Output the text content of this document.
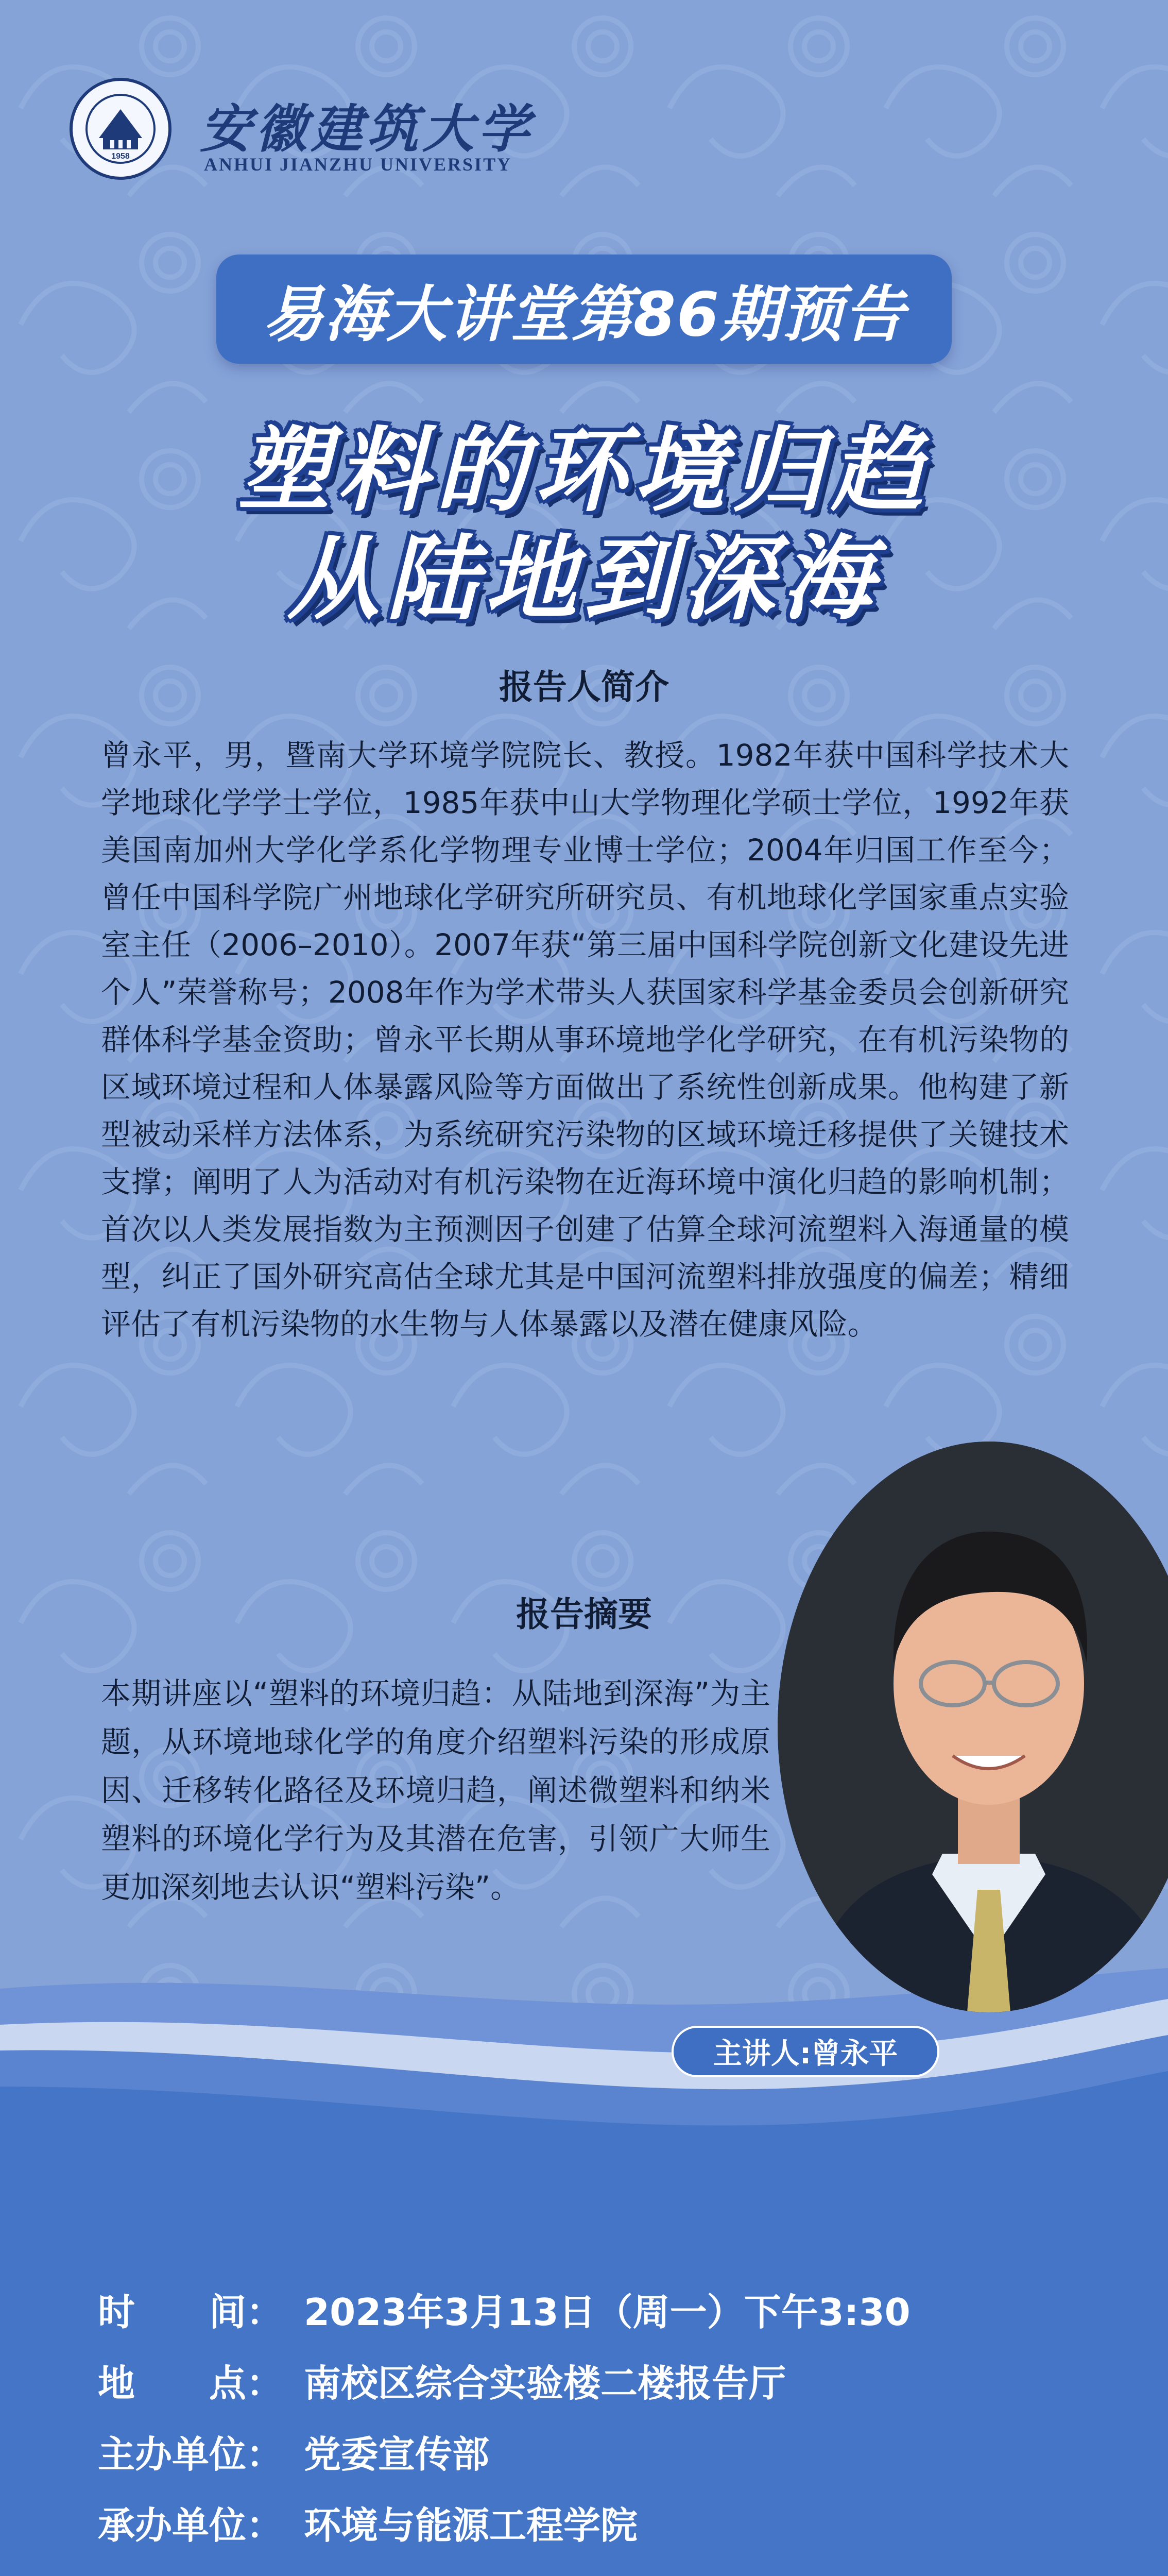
1958 安徽建筑大学
ANHUI JIANZHU UNIVERSITY
易海大讲堂第86期预告
塑料的环境归趋
从陆地到深海
报告人简介
曾永平，男，暨南大学环境学院院长、教授。1982年获中国科学技术大学地球化学学士学位，1985年获中山大学物理化学硕士学位，1992年获美国南加州大学化学系化学物理专业博士学位；2004年归国工作至今；曾任中国科学院广州地球化学研究所研究员、有机地球化学国家重点实验室主任（2006–2010）。2007年获“第三届中国科学院创新文化建设先进个人”荣誉称号；2008年作为学术带头人获国家科学基金委员会创新研究群体科学基金资助；曾永平长期从事环境地学化学研究，在有机污染物的区域环境过程和人体暴露风险等方面做出了系统性创新成果。他构建了新型被动采样方法体系，为系统研究污染物的区域环境迁移提供了关键技术支撑；阐明了人为活动对有机污染物在近海环境中演化归趋的影响机制；首次以人类发展指数为主预测因子创建了估算全球河流塑料入海通量的模型，纠正了国外研究高估全球尤其是中国河流塑料排放强度的偏差；精细评估了有机污染物的水生物与人体暴露以及潜在健康风险。
报告摘要
本期讲座以“塑料的环境归趋：从陆地到深海”为主题，从环境地球化学的角度介绍塑料污染的形成原因、迁移转化路径及环境归趋，阐述微塑料和纳米塑料的环境化学行为及其潜在危害，引领广大师生更加深刻地去认识“塑料污染”。
主讲人:曾永平
时　　间： 2023年3月13日（周一）下午3:30
地　　点： 南校区综合实验楼二楼报告厅
主办单位： 党委宣传部
承办单位： 环境与能源工程学院
